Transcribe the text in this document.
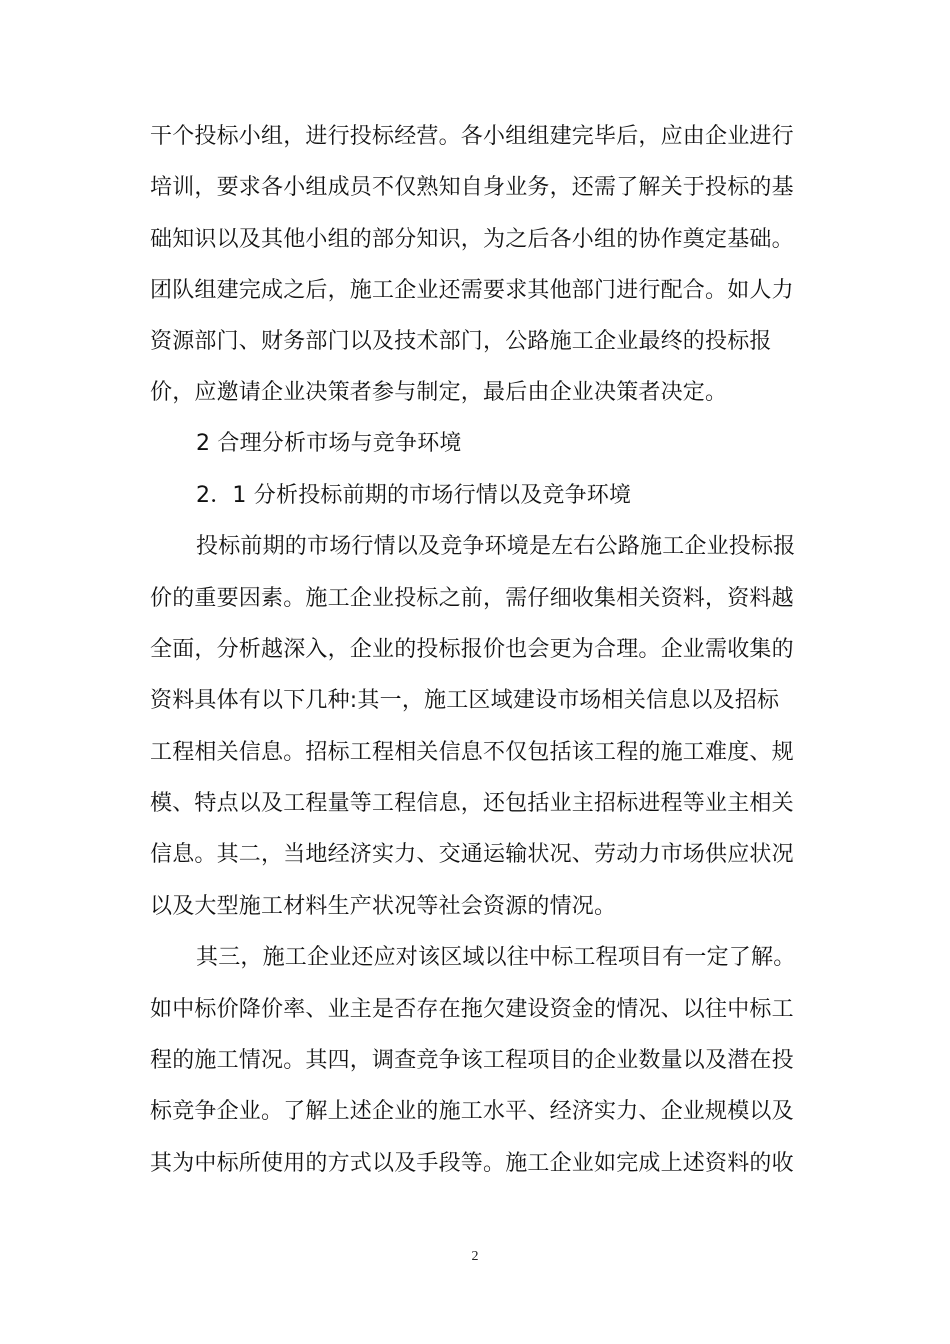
干个投标小组，进行投标经营。各小组组建完毕后，应由企业进行
培训，要求各小组成员不仅熟知自身业务，还需了解关于投标的基
础知识以及其他小组的部分知识，为之后各小组的协作奠定基础。
团队组建完成之后，施工企业还需要求其他部门进行配合。如人力
资源部门、财务部门以及技术部门，公路施工企业最终的投标报
价，应邀请企业决策者参与制定，最后由企业决策者决定。
2 合理分析市场与竞争环境
2．1 分析投标前期的市场行情以及竞争环境
投标前期的市场行情以及竞争环境是左右公路施工企业投标报
价的重要因素。施工企业投标之前，需仔细收集相关资料，资料越
全面，分析越深入，企业的投标报价也会更为合理。企业需收集的
资料具体有以下几种:其一，施工区域建设市场相关信息以及招标
工程相关信息。招标工程相关信息不仅包括该工程的施工难度、规
模、特点以及工程量等工程信息，还包括业主招标进程等业主相关
信息。其二，当地经济实力、交通运输状况、劳动力市场供应状况
以及大型施工材料生产状况等社会资源的情况。
其三，施工企业还应对该区域以往中标工程项目有一定了解。
如中标价降价率、业主是否存在拖欠建设资金的情况、以往中标工
程的施工情况。其四，调查竞争该工程项目的企业数量以及潜在投
标竞争企业。了解上述企业的施工水平、经济实力、企业规模以及
其为中标所使用的方式以及手段等。施工企业如完成上述资料的收
2
